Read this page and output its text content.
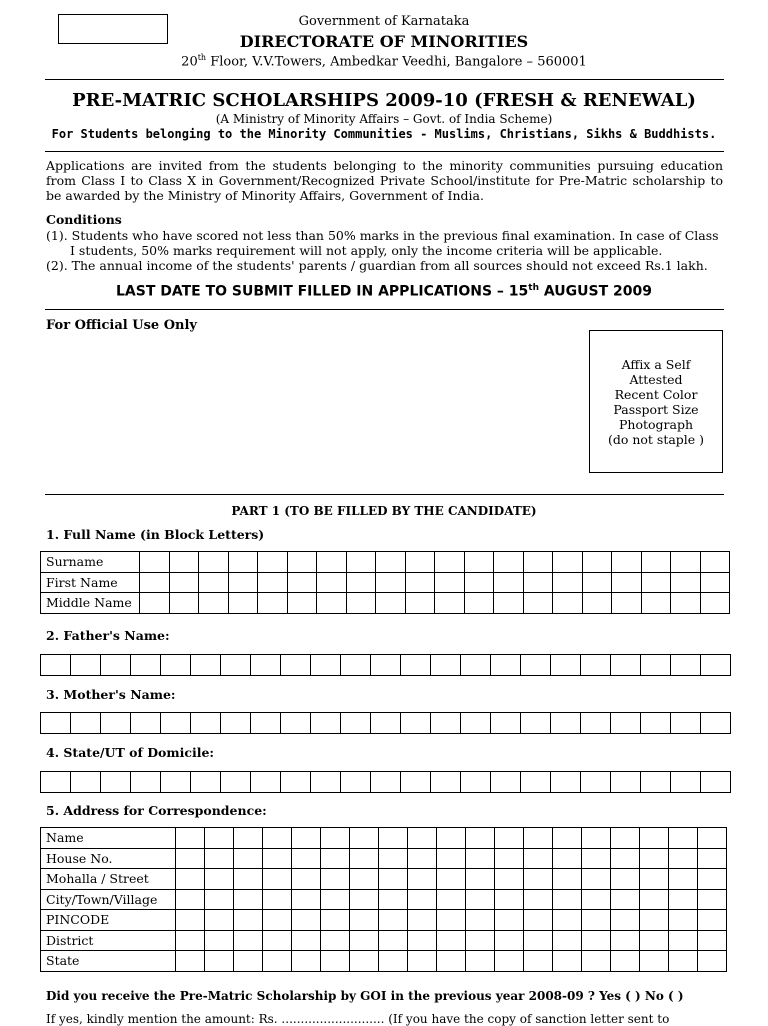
Government of Karnataka
DIRECTORATE OF MINORITIES
20th Floor, V.V.Towers, Ambedkar Veedhi, Bangalore – 560001
PRE-MATRIC SCHOLARSHIPS 2009-10 (FRESH & RENEWAL)
(A Ministry of Minority Affairs – Govt. of India Scheme)
For Students belonging to the Minority Communities - Muslims, Christians, Sikhs & Buddhists.
Applications are invited from the students belonging to the minority communities pursuing education from Class I to Class X in Government/Recognized Private School/institute for Pre-Matric scholarship to be awarded by the Ministry of Minority Affairs, Government of India.
Conditions
(1). Students who have scored not less than 50% marks in the previous final examination. In case of Class
I students, 50% marks requirement will not apply, only the income criteria will be applicable.
(2). The annual income of the students' parents / guardian from all sources should not exceed Rs.1 lakh.
LAST DATE TO SUBMIT FILLED IN APPLICATIONS – 15th AUGUST 2009
For Official Use Only
Affix a Self
Attested
Recent Color
Passport Size
Photograph
(do not staple )
PART 1 (TO BE FILLED BY THE CANDIDATE)
1. Full Name (in Block Letters)
Surname																				
First Name																				
Middle Name																				
2. Father's Name:

3. Mother's Name:

4. State/UT of Domicile:

5. Address for Correspondence:
Name																			
House No.																			
Mohalla / Street																			
City/Town/Village																			
PINCODE																			
District																			
State																			
Did you receive the Pre-Matric Scholarship by GOI in the previous year 2008-09 ? Yes ( ) No ( )
If yes, kindly mention the amount: Rs. ........................... (If you have the copy of sanction letter sent to
